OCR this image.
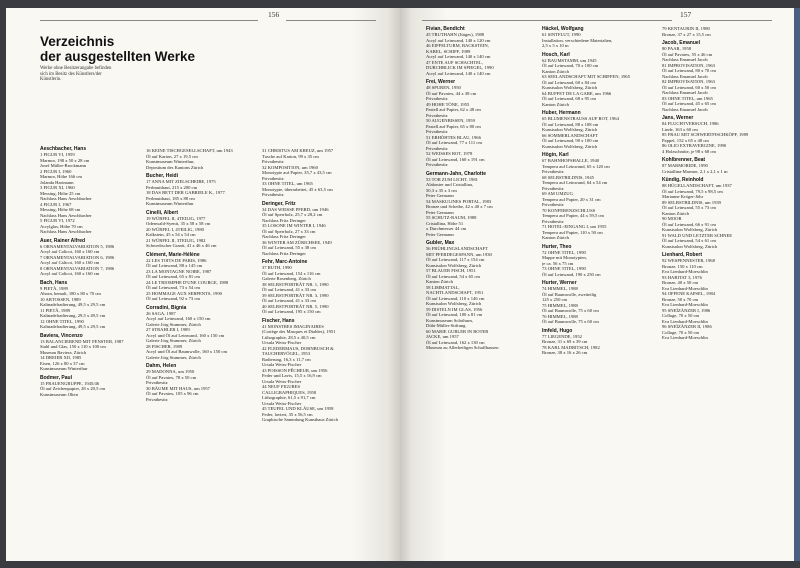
156
Verzeichnis
der ausgestellten Werke
Werke ohne Besitzerangabe befinden sich im Besitz des Künstlers/der Künstlerin.
Aeschbacher, Hans
1 FIGUR VI, 1959
Marmor, 198 x 50 x 28 cm
Josef Müller-Brockmann
2 FIGUR I, 1960
Marmor, Höhe 166 cm
Jolanda Hartmann
3 FIGUR XI, 1960
Messing, Höhe 25 cm
Nachlass Hans Aeschbacher
4 FIGUR I, 1967
Messing, Höhe 68 cm
Nachlass Hans Aeschbacher
5 FIGUR VI, 1972
Acrylglas, Höhe 70 cm
Nachlass Hans Aeschbacher
Auer, Rainer Alfred
6 ORNAMENTALVARIATION 5, 1986
Acryl auf Calicot, 160 x 160 cm
7 ORNAMENTALVARIATION 6, 1986
Acryl auf Calicot, 160 x 160 cm
8 ORNAMENTALVARIATION 7, 1986
Acryl auf Calicot, 160 x 160 cm
Bach, Hans
9 PIETÀ, 1989
Ahorn, bemalt, 180 x 80 x 70 cm
10 ABTOSSEN, 1989
Kaltnadelradierung, 49,5 x 29,5 cm
11 PIETÀ, 1989
Kaltnadelradierung, 29,5 x 49,5 cm
12 OHNE TITEL, 1990
Kaltnadelradierung, 49,5 x 29,5 cm
Baviera, Vincenzo
13 BALANCIEREND MIT FENSTER, 1987
Stahl und Glas, 150 x 110 x 100 cm
Museum Baviera, Zürich
14 DREIER XII, 1985
Eisen, 126 x 80 x 37 cm
Kunstmuseum Winterthur
Bodmer, Paul
15 FRAUENGRUPPE, 1945/46
Öl auf Zeichenpapier, 28 x 20,5 cm
Kunstmuseum Olten
16 KEINE TISCHGESELLSCHAFT, um 1943
Öl auf Karton, 27 x 19,5 cm
Kunstmuseum Winterthur,
Depositum des Kantons Zürich
Bucher, Heidi
17 ANNA MIT ZIELSCHEIBE, 1975
Perlmutthaut, 215 x 200 cm
18 DAS BETT DER GABRIELE K., 1977
Perlmutthaut, 185 x 88 cm
Kunstmuseum Winterthur
Cinelli, Albert
19 WÜRFEL II, 4TEILIG, 1977
Odenwald-Syenit, 35 x 58 x 58 cm
20 WÜRFEL I, 4TEILIG, 1980
Kalkstein, 45 x 54 x 54 cm
21 WÜRFEL II, 3TEILIG, 1982
Schwedischer Granit, 41 x 46 x 46 cm
Clément, Marie-Hélène
22 LES TOITS DE PARIS, 1986
Öl auf Leinwand, 88 x 145 cm
23 LA MONTAGNE NOIRE, 1987
Öl auf Leinwand, 65 x 81 cm
24 LE TRIOMPHE D'UNE COURGE, 1988
Öl auf Leinwand, 73 x 54 cm
25 HOMMAGE AUX SERPENTS, 1990
Öl auf Leinwand, 92 x 73 cm
Corradini, Bignia
26 SAGA, 1987
Acryl auf Leinwand, 160 x 150 cm
Galerie Jörg Stummer, Zürich
27 STRAHLER I, 1989
Acryl und Öl auf Leinwand, 160 x 150 cm
Galerie Jörg Stummer, Zürich
28 FISCHER, 1989
Acryl und Öl auf Baumwolle, 160 x 150 cm
Galerie Jörg Stummer, Zürich
Dahm, Helen
29 MADONNA, um 1950
Öl auf Pavatex, 78 x 50 cm
Privatbesitz
30 BÄUME MIT HAUS, um 1957
Öl auf Pavatex, 105 x 96 cm
Privatbesitz
31 CHRISTUS AM KREUZ, um 1957
Tusche auf Karton, 99 x 35 cm
Privatbesitz
32 KOMPOSITION, um 1960
Monotypie auf Papier, 35,7 x 43,5 cm
Privatbesitz
33 OHNE TITEL, um 1965
Monotypie, überarbeitet, 45 x 63,5 cm
Privatbesitz
Deringer, Fritz
34 DAS WEISSE PFERD, um 1946
Öl auf Sperrholz, 25,7 x 28,2 cm
Nachlass Fritz Deringer
35 LOSONE IM WINTER I, 1946
Öl auf Sperrholz, 27 x 33 cm
Nachlass Fritz Deringer
36 WINTER AM ZÜRICHSEE, 1949
Öl auf Leinwand, 55 x 38 cm
Nachlass Fritz Deringer
Fehr, Marc-Antoine
37 RUTH, 1990
Öl auf Leinwand, 154 x 116 cm
Galerie Rosenberg, Zürich
38 SELBSTPORTRÄT NR. 1, 1990
Öl auf Leinwand, 41 x 33 cm
39 SELBSTPORTRÄT NR. 3, 1990
Öl auf Leinwand, 41 x 33 cm
40 SELBSTPORTRÄT NR. 5, 1990
Öl auf Leinwand, 195 x 150 cm
Fischer, Hans
41 MONSTRES IMAGINAIRES
(Cortège des Masques et Diables), 1951
Lithographie, 28,5 x 40,5 cm
Ursula Weiss-Fischer
42 FLEDERMAUS, DORNBUSCH &
TAUCHERVÖGEL, 1953
Radierung, 16,3 x 11,7 cm
Ursula Weiss-Fischer
43 POISSON PÊCHEUR, um 1956
Feder und Lavis, 15,5 x 16,9 cm
Ursula Weiss-Fischer
44 NEUF FIGURES
CALLIGRAPHIQUES, 1958
Lithographie, 61,5 x 91,7 cm
Ursula Weiss-Fischer
45 TEUFEL UND KLÄUSE, um 1958
Feder, laviert, 35 x 56,5 cm
Graphische Sammlung Kunsthaus Zürich
157
Fivian, Bendicht
45 TRUTHAHN (Jütges), 1988
Acryl auf Leinwand, 140 x 120 cm
46 EIFFELTURM, BACKSTEIN,
KABEL, SCHIFF, 1989
Acryl auf Leinwand, 140 x 140 cm
47 ENTE AUF SCHACHTEL,
DURCHBLICK IM SPIEGEL, 1990
Acryl auf Leinwand, 140 x 140 cm
Frei, Werner
48 SPUREN, 1950
Öl auf Pavatex, 44 x 38 cm
Privatbesitz
49 HOHE TÖNE, 1955
Pastell auf Papier, 62 x 48 cm
Privatbesitz
50 AUGENBISSEN, 1959
Pastell auf Papier, 65 x 80 cm
Privatbesitz
51 ERHÖHTES BLAU, 1966
Öl auf Leinwand, 77 x 111 cm
Privatbesitz
52 WEISSES ROT, 1978
Öl auf Leinwand, 160 x 191 cm
Privatbesitz
Germann-Jahn, Charlotte
53 TOR ZUM LICHT, 1981
Alabaster und Cristallina,
50,3 x 35 x 3 cm
Peter Germann
54 MASKULINES PORTAL, 1983
Bronze und Scheibe, 42 x 40 x 7 cm
Peter Germann
55 SCHUTZ-RAUM, 1988
Cristallina, Höhe 51
x Durchmesser 44 cm
Peter Germann
Gubler, Max
56 FRÜHLINGSLANDSCHAFT
MIT PFERDEGESPANN, um 1930
Öl auf Leinwand, 117 x 154 cm
Kunstsalon Wolfsberg, Zürich
57 BLAUER FISCH, 1951
Öl auf Leinwand, 54 x 65 cm
Kanton Zürich
58 LIMMATTAL,
NACHTLANDSCHAFT, 1951
Öl auf Leinwand, 110 x 146 cm
Kunstsalon Wolfsberg, Zürich
59 DISTELN IM GLAS, 1956
Öl auf Leinwand, 100 x 81 cm
Kunstmuseum Solothurn,
Dübi-Müller-Stiftung
60 MARIE GUBLER IN ROTER
JACKE, um 1957
Öl auf Leinwand, 162 x 130 cm
Museum zu Allerheiligen Schaffhausen
Häckel, Wolfgang
61 SINTFLUT, 1990
Installation, verschiedene Materialien,
2,5 x 5 x 10 m
Hosch, Karl
62 BAUMSTAMM, um 1945
Öl auf Leinwand, 70 x 100 cm
Kanton Zürich
63 SEELANDSCHAFT MIT SCHIFFEN, 1965
Öl auf Leinwand, 60 x 84 cm
Kunstsalon Wolfsberg, Zürich
64 BUFFET DE LA GARE, um 1966
Öl auf Leinwand, 68 x 95 cm
Kanton Zürich
Huber, Hermann
65 BLUMENSTRAUSS AUF ROT, 1964
Öl auf Leinwand, 88 x 108 cm
Kunstsalon Wolfsberg, Zürich
66 SOMMERLANDSCHAFT
Öl auf Leinwand, 90 x 100 cm
Kunstsalon Wolfsberg, Zürich
Högin, Karl
67 BAHNHOFSHALLE, 1940
Tempera auf Leinwand, 65 x 120 cm
Privatbesitz
68 SELBSTBILDNIS, 1945
Tempera auf Leinwand, 64 x 54 cm
Privatbesitz
69 AM UMZUG
Tempera auf Papier, 20 x 31 cm
Privatbesitz
70 KONFERENZSCHLUSS
Tempera auf Papier, 44 x 59,5 cm
Privatbesitz
71 HOTEL-EINGANG I, um 1955
Tempera auf Papier, 110 x 50 cm
Kanton Zürich
Hurter, Theo
72 OHNE TITEL, 1990
Mappe mit Monotypien,
je ca. 56 x 75 cm
73 OHNE TITEL, 1990
Öl auf Leinwand, 190 x 250 cm
Hurter, Werner
74 HIMMEL, 1988
Öl auf Baumwolle, zweiteilig
125 x 250 cm
75 HIMMEL, 1988
Öl auf Baumwolle, 75 x 60 cm
76 HIMMEL, 1988
Öl auf Baumwolle, 75 x 60 cm
Imfeld, Hugo
77 LIEGENDE, 1952
Bronze, 31 x 69 x 39 cm
78 KARL MADRITSCH, 1982
Bronze, 38 x 16 x 26 cm
79 KENTAURIN II, 1980
Bronze, 37 x 27 x 15,5 cm
Jacob, Emanuel
80 PAAR, 1958
Öl auf Pavatex, 55 x 46 cm
Nachlass Emanuel Jacob
81 IMPROVISATION, 1963
Öl auf Leinwand, 80 x 70 cm
Nachlass Emanuel Jacob
82 IMPROVISATION, 1963
Öl auf Leinwand, 60 x 50 cm
Nachlass Emanuel Jacob
83 OHNE TITEL, um 1965
Öl auf Leinwand, 45 x 65 cm
Nachlass Emanuel Jacob
Jans, Werner
84 FLUCHTVERSUCH, 1986
Linde, 163 x 60 cm
85 FRAU MIT SCHWERTFISCHKÖPF, 1989
Pappel, 152 x 65 x 48 cm
86 OLIO EXTRAVERGINE, 1990
4 Holzschnitte, je 98 x 68 cm
Kohlbrenner, Beat
87 MARMORIDE, 1990
Cristallina-Marmor, 2,1 x 2,1 x 1 m
Kündig, Reinhold
88 HÜGELLANDSCHAFT, um 1937
Öl auf Leinwand, 79,5 x 98,5 cm
Marianne Kröger-Jöhr
89 SELBSTBILDNIS, um 1939
Öl auf Leinwand, 55 x 73 cm
Kanton Zürich
90 MOOR
Öl auf Leinwand, 66 x 91 cm
Kunstsalon Wolfsberg, Zürich
91 WALD UND LETZTER SCHNEE
Öl auf Leinwand, 54 x 61 cm
Kunstsalon Wolfsberg, Zürich
Lienhard, Robert
92 WESPENNESTER, 1968
Bronze, 150 x 110 cm
Eva Lienhard-Moeschlin
93 HABITAT 3, 1976
Bronze, 40 x 50 cm
Eva Lienhard-Moeschlin
94 OFFENE KAPSEL, 1984
Bronze, 50 x 70 cm
Eva Lienhard-Moeschlin
95 SNEÏZÄNZER I, 1986
Collage, 70 x 50 cm
Eva Lienhard-Moeschlin
96 SNEÏZÄNZER II, 1986
Collage, 70 x 50 cm
Eva Lienhard-Moeschlin
